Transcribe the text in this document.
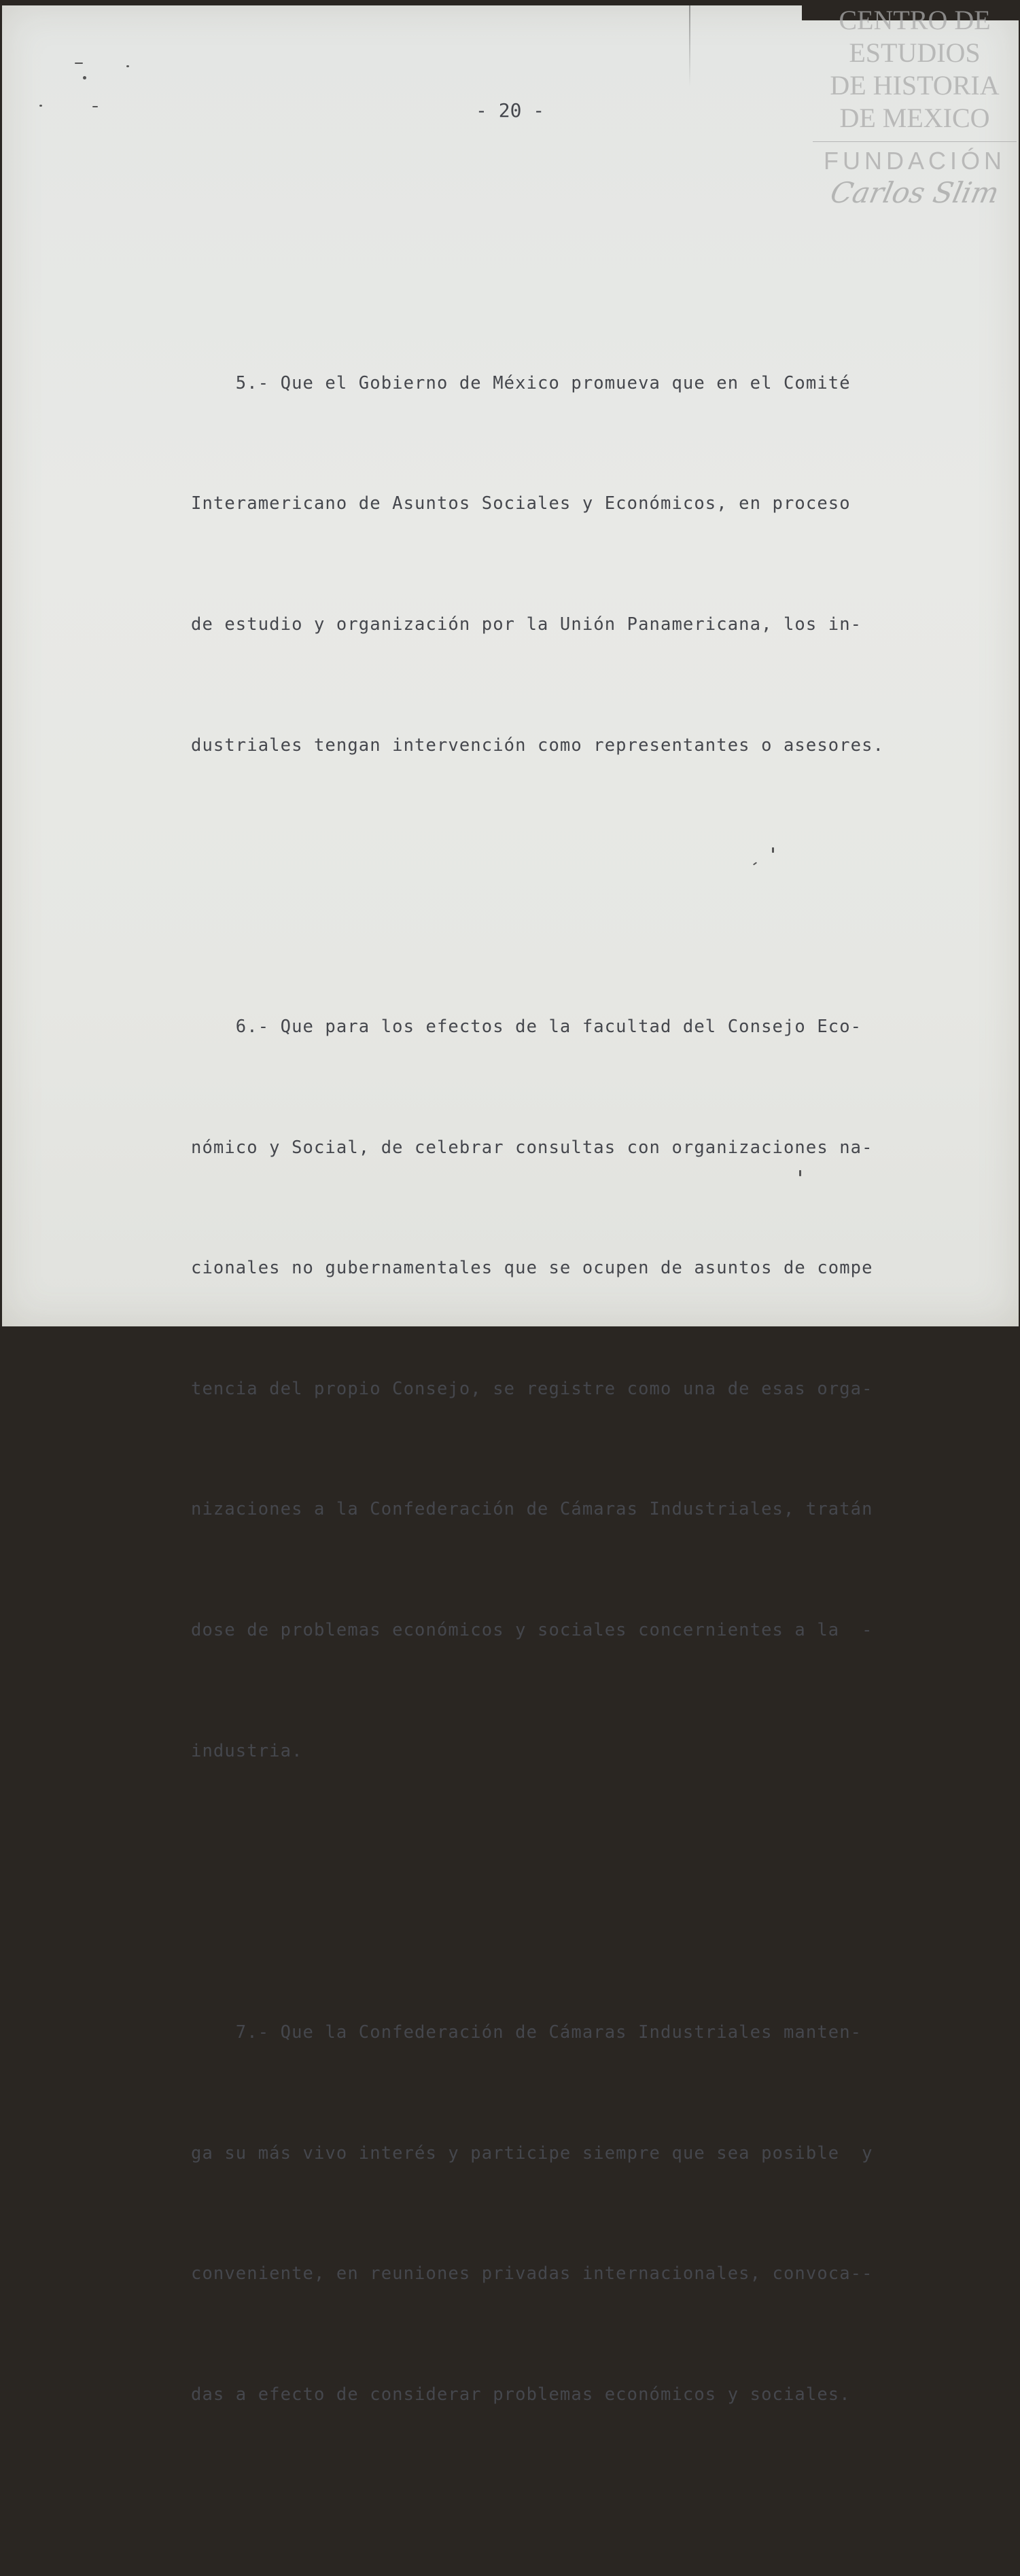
- 20 -

5.- Que el Gobierno de México promueva que en el Comité

Interamericano de Asuntos Sociales y Económicos, en proceso

de estudio y organización por la Unión Panamericana, los in-

dustriales tengan intervención como representantes o asesores.

6.- Que para los efectos de la facultad del Consejo Eco-

nómico y Social, de celebrar consultas con organizaciones na-

cionales no gubernamentales que se ocupen de asuntos de compe

tencia del propio Consejo, se registre como una de esas orga-

nizaciones a la Confederación de Cámaras Industriales, tratán

dose de problemas económicos y sociales concernientes a la  -

industria.

7.- Que la Confederación de Cámaras Industriales manten-

ga su más vivo interés y participe siempre que sea posible  y

conveniente, en reuniones privadas internacionales, convoca--

das a efecto de considerar problemas económicos y sociales.

CENTRO DE
ESTUDIOS
DE HISTORIA
DE MEXICO
FUNDACIÓN
Carlos Slim
